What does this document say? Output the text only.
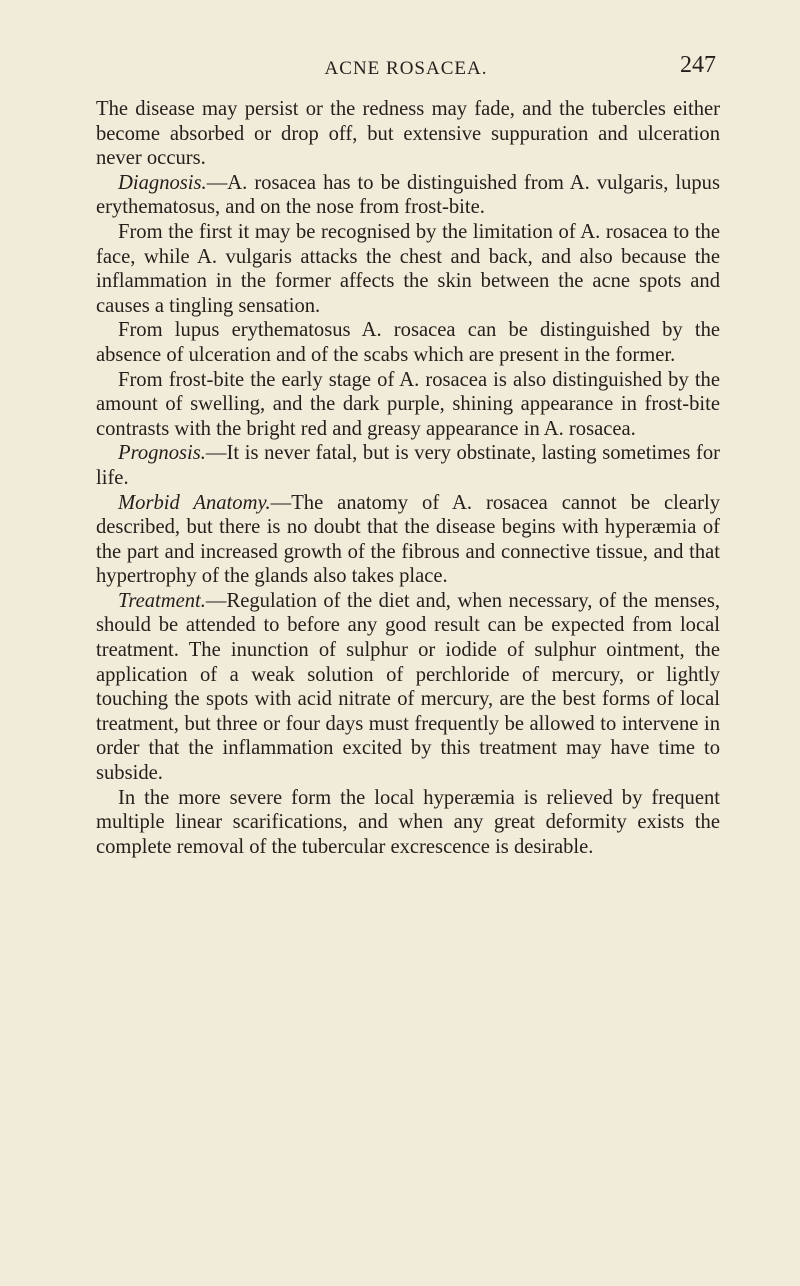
ACNE ROSACEA.	247

The disease may persist or the redness may fade, and the tubercles either become absorbed or drop off, but extensive suppuration and ulceration never occurs.

Diagnosis.—A. rosacea has to be distinguished from A. vulgaris, lupus erythematosus, and on the nose from frost-bite.

From the first it may be recognised by the limitation of A. rosacea to the face, while A. vulgaris attacks the chest and back, and also because the inflammation in the former affects the skin between the acne spots and causes a tingling sensation.

From lupus erythematosus A. rosacea can be distinguished by the absence of ulceration and of the scabs which are present in the former.

From frost-bite the early stage of A. rosacea is also distinguished by the amount of swelling, and the dark purple, shining appearance in frost-bite contrasts with the bright red and greasy appearance in A. rosacea.

Prognosis.—It is never fatal, but is very obstinate, lasting sometimes for life.

Morbid Anatomy.—The anatomy of A. rosacea cannot be clearly described, but there is no doubt that the disease begins with hyperæmia of the part and increased growth of the fibrous and connective tissue, and that hypertrophy of the glands also takes place.

Treatment.—Regulation of the diet and, when necessary, of the menses, should be attended to before any good result can be expected from local treatment. The inunction of sulphur or iodide of sulphur ointment, the application of a weak solution of perchloride of mercury, or lightly touching the spots with acid nitrate of mercury, are the best forms of local treatment, but three or four days must frequently be allowed to intervene in order that the inflammation excited by this treatment may have time to subside.

In the more severe form the local hyperæmia is relieved by frequent multiple linear scarifications, and when any great deformity exists the complete removal of the tubercular excrescence is desirable.
